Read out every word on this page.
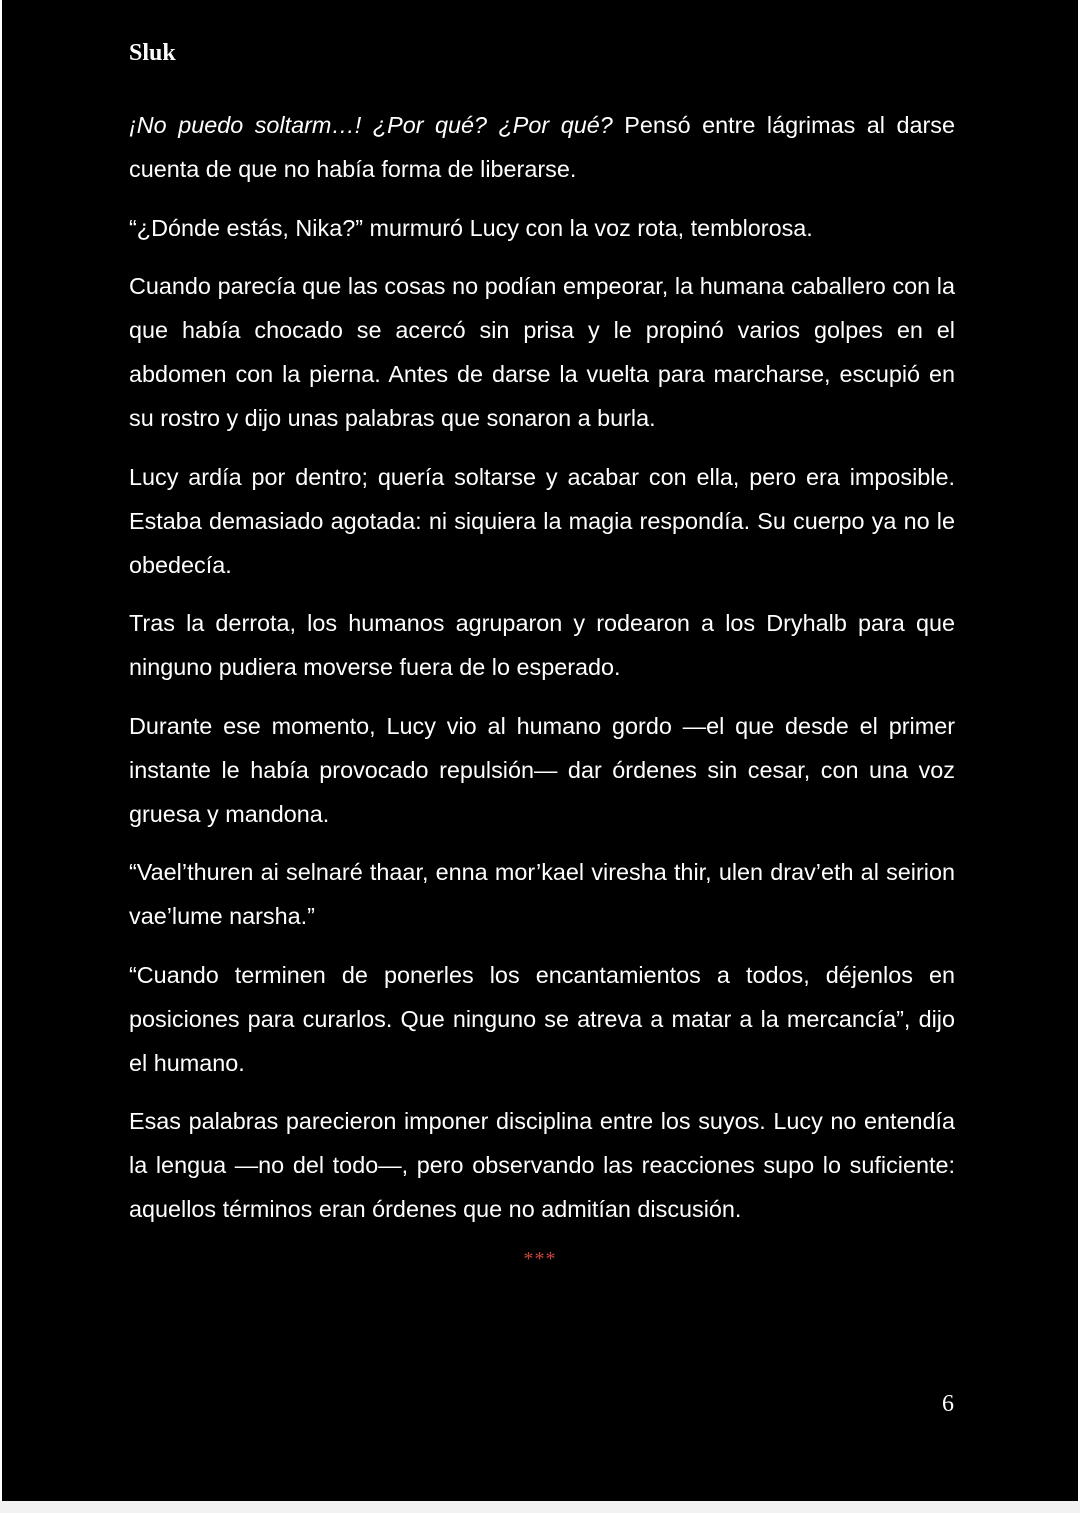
Sluk

¡No puedo soltarm…! ¿Por qué? ¿Por qué? Pensó entre lágrimas al darse cuenta de que no había forma de liberarse.

“¿Dónde estás, Nika?” murmuró Lucy con la voz rota, temblorosa.

Cuando parecía que las cosas no podían empeorar, la humana caballero con la que había chocado se acercó sin prisa y le propinó varios golpes en el abdomen con la pierna. Antes de darse la vuelta para marcharse, escupió en su rostro y dijo unas palabras que sonaron a burla.

Lucy ardía por dentro; quería soltarse y acabar con ella, pero era imposible. Estaba demasiado agotada: ni siquiera la magia respondía. Su cuerpo ya no le obedecía.

Tras la derrota, los humanos agruparon y rodearon a los Dryhalb para que ninguno pudiera moverse fuera de lo esperado.

Durante ese momento, Lucy vio al humano gordo —el que desde el primer instante le había provocado repulsión— dar órdenes sin cesar, con una voz gruesa y mandona.

“Vael’thuren ai selnaré thaar, enna mor’kael viresha thir, ulen drav’eth al seirion vae’lume narsha.”

“Cuando terminen de ponerles los encantamientos a todos, déjenlos en posiciones para curarlos. Que ninguno se atreva a matar a la mercancía”, dijo el humano.

Esas palabras parecieron imponer disciplina entre los suyos. Lucy no entendía la lengua —no del todo—, pero observando las reacciones supo lo suficiente: aquellos términos eran órdenes que no admitían discusión.

***
6
